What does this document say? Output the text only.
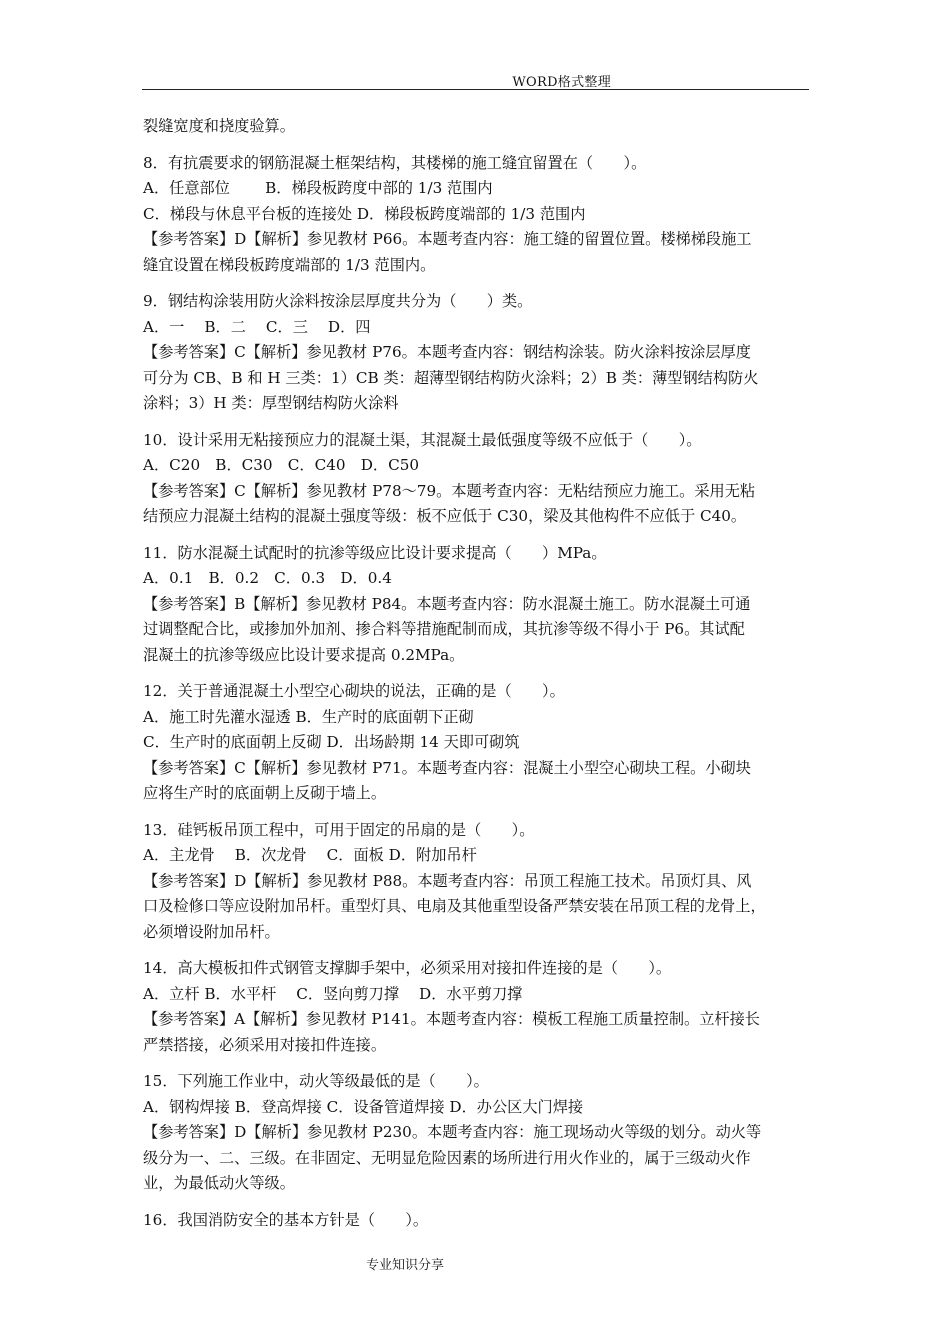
WORD格式整理
裂缝宽度和挠度验算。
8．有抗震要求的钢筋混凝土框架结构，其楼梯的施工缝宜留置在（　　）。
A．任意部位　　 B．梯段板跨度中部的 1/3 范围内
C．梯段与休息平台板的连接处 D．梯段板跨度端部的 1/3 范围内
【参考答案】D【解析】参见教材 P66。本题考查内容：施工缝的留置位置。楼梯梯段施工
缝宜设置在梯段板跨度端部的 1/3 范围内。
9．钢结构涂装用防火涂料按涂层厚度共分为（　　）类。
A．一　 B．二　 C．三　 D．四
【参考答案】C【解析】参见教材 P76。本题考查内容：钢结构涂装。防火涂料按涂层厚度
可分为 CB、B 和 H 三类：1）CB 类：超薄型钢结构防火涂料；2）B 类：薄型钢结构防火
涂料；3）H 类：厚型钢结构防火涂料
10．设计采用无粘接预应力的混凝土渠，其混凝土最低强度等级不应低于（　　）。
A．C20　B．C30　C．C40　D．C50
【参考答案】C【解析】参见教材 P78～79。本题考查内容：无粘结预应力施工。采用无粘
结预应力混凝土结构的混凝土强度等级：板不应低于 C30，梁及其他构件不应低于 C40。
11．防水混凝土试配时的抗渗等级应比设计要求提高（　　）MPa。
A．0.1　B．0.2　C．0.3　D．0.4
【参考答案】B【解析】参见教材 P84。本题考查内容：防水混凝土施工。防水混凝土可通
过调整配合比，或掺加外加剂、掺合料等措施配制而成，其抗渗等级不得小于 P6。其试配
混凝土的抗渗等级应比设计要求提高 0.2MPa。
12．关于普通混凝土小型空心砌块的说法，正确的是（　　）。
A．施工时先灌水湿透 B．生产时的底面朝下正砌
C．生产时的底面朝上反砌 D．出场龄期 14 天即可砌筑
【参考答案】C【解析】参见教材 P71。本题考查内容：混凝土小型空心砌块工程。小砌块
应将生产时的底面朝上反砌于墙上。
13．硅钙板吊顶工程中，可用于固定的吊扇的是（　　）。
A．主龙骨　 B．次龙骨　 C．面板 D．附加吊杆
【参考答案】D【解析】参见教材 P88。本题考查内容：吊顶工程施工技术。吊顶灯具、风
口及检修口等应设附加吊杆。重型灯具、电扇及其他重型设备严禁安装在吊顶工程的龙骨上，
必须增设附加吊杆。
14．高大模板扣件式钢管支撑脚手架中，必须采用对接扣件连接的是（　　）。
A．立杆 B．水平杆　 C．竖向剪刀撑　 D．水平剪刀撑
【参考答案】A【解析】参见教材 P141。本题考查内容：模板工程施工质量控制。立杆接长
严禁搭接，必须采用对接扣件连接。
15．下列施工作业中，动火等级最低的是（　　）。
A．钢构焊接 B．登高焊接 C．设备管道焊接 D．办公区大门焊接
【参考答案】D【解析】参见教材 P230。本题考查内容：施工现场动火等级的划分。动火等
级分为一、二、三级。在非固定、无明显危险因素的场所进行用火作业的，属于三级动火作
业，为最低动火等级。
16．我国消防安全的基本方针是（　　）。
专业知识分享
